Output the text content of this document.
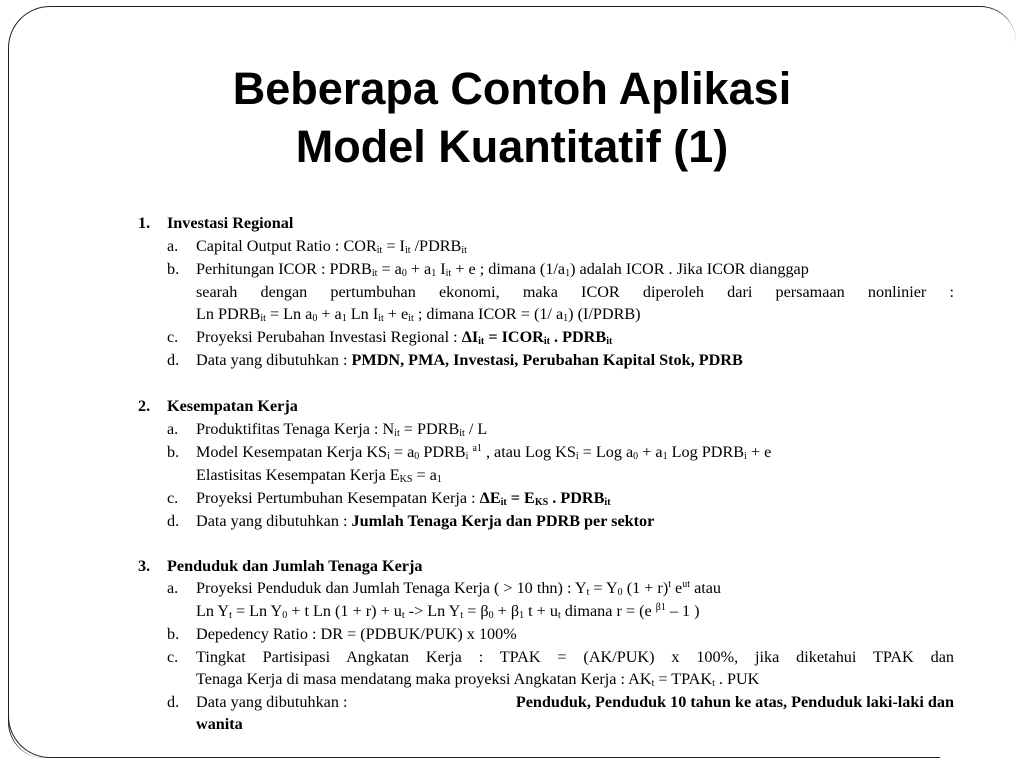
Beberapa Contoh Aplikasi
Model Kuantitatif (1)
1. Investasi Regional
a. Capital Output Ratio : $COR_{it} = I_{it}$ $/PDRB_{it}$
b. Perhitungan ICOR : $PDRB_{it} = a_0 + a_1$ $I_{it} + e$ ; dimana $(1/a_1)$ adalah ICOR . Jika ICOR dianggap
searah dengan pertumbuhan ekonomi, maka ICOR diperoleh dari persamaan nonlinier :
Ln $PDRB_{it} = Ln$ $a_0 + a_1$ Ln $I_{it} + e_{it}$ ; dimana ICOR = (1/ $a_1$) (I/PDRB)
c. Proyeksi Perubahan Investasi Regional : $\Delta I_{it}$ = $ICOR_{it}$ . $PDRB_{it}$
d. Data yang dibutuhkan : PMDN, PMA, Investasi, Perubahan Kapital Stok, PDRB
2. Kesempatan Kerja
a. Produktifitas Tenaga Kerja : $N_{it}$ = $PDRB_{it}$ / L
b. Model Kesempatan Kerja $KS_i = a_0$ $PDRB_i$ $^{a1}$ , atau Log $KS_i$ = Log $a_0 + a_1$ Log $PDRB_i + e$
Elastisitas Kesempatan Kerja $E_{KS} = a_1$
c. Proyeksi Pertumbuhan Kesempatan Kerja : $\Delta E_{it} = E_{KS}$ . $PDRB_{it}$
d. Data yang dibutuhkan : Jumlah Tenaga Kerja dan PDRB per sektor
3. Penduduk dan Jumlah Tenaga Kerja
a. Proyeksi Penduduk dan Jumlah Tenaga Kerja ( > 10 thn) : $Y_t = Y_0$ $(1 + r)^t$ $e^{ut}$ atau
Ln $Y_t = Ln$ $Y_0 + t$ Ln $(1 + r) + u_t -> Ln$ $Y_t = \beta_0 + \beta_1$ $t + u_t$ dimana r = (e $^{\beta 1}$ – 1 )
b. Depedency Ratio : DR = (PDBUK/PUK) x 100%
c. Tingkat Partisipasi Angkatan Kerja : TPAK = (AK/PUK) x 100%, jika diketahui TPAK dan
Tenaga Kerja di masa mendatang maka proyeksi Angkatan Kerja : $AK_t$ = $TPAK_t$ . PUK
d. Data yang dibutuhkan :	Penduduk, Penduduk 10 tahun ke atas, Penduduk laki-laki dan
wanita
